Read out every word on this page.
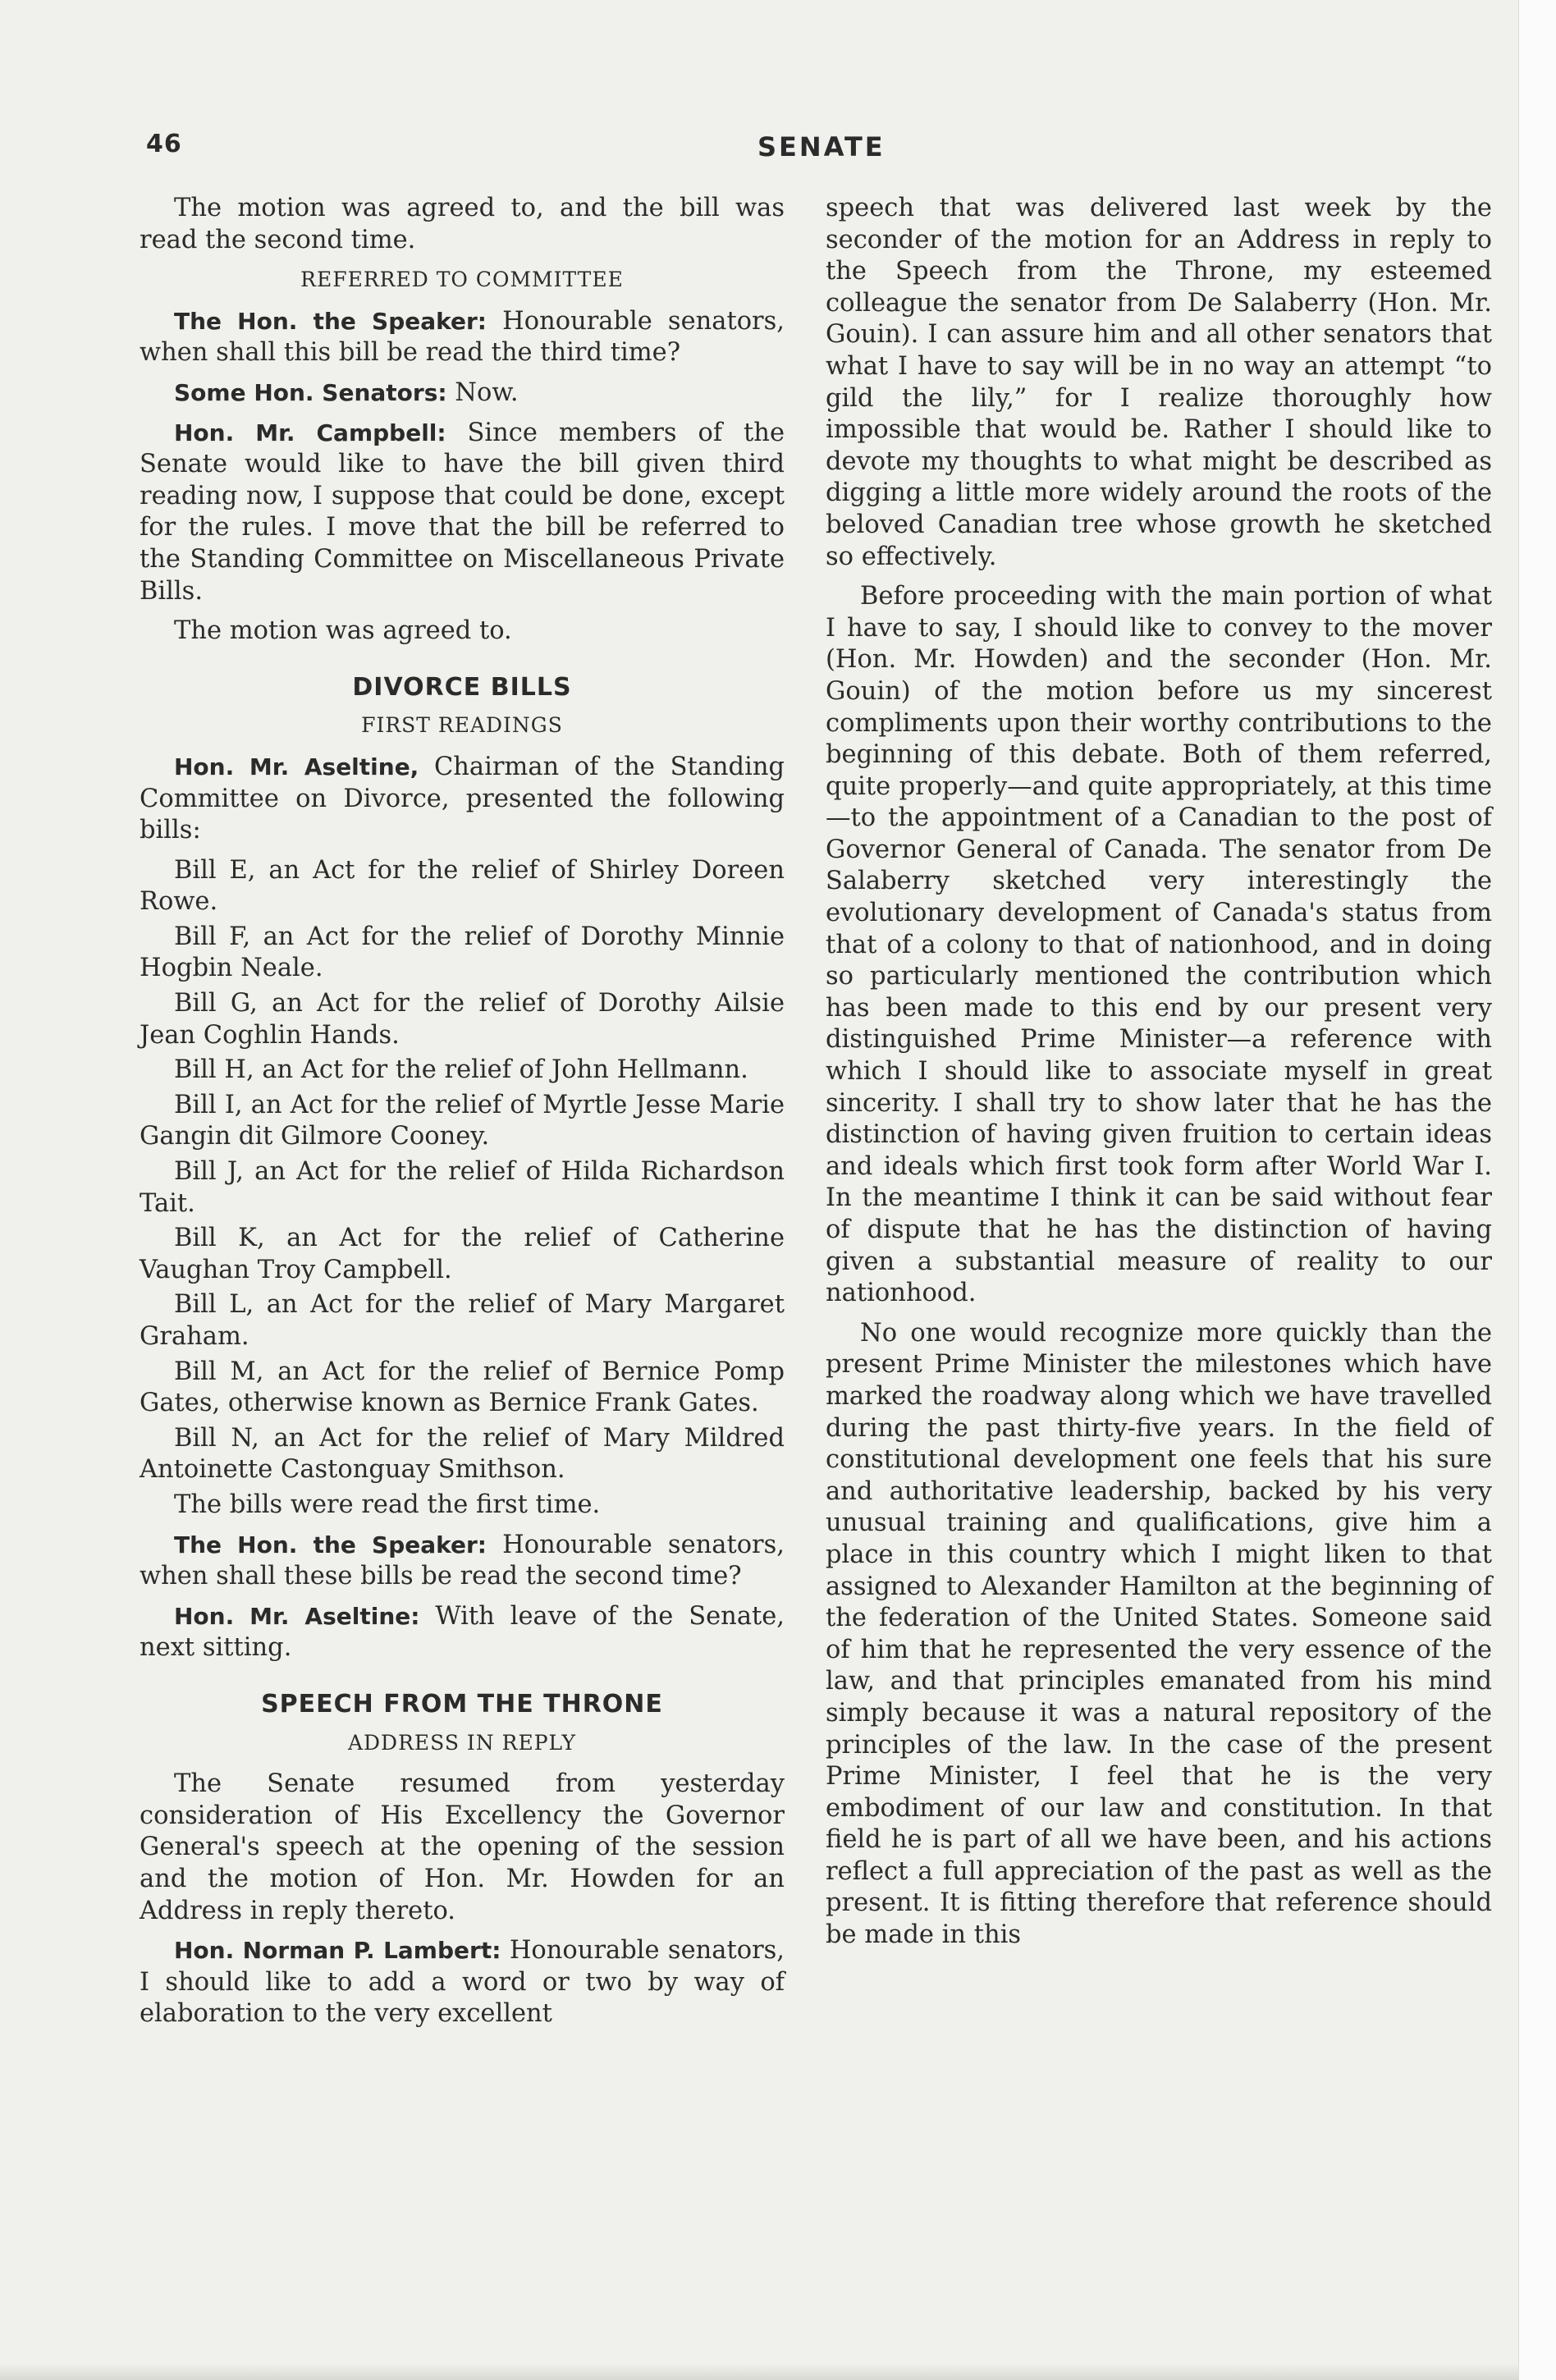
46	SENATE

The motion was agreed to, and the bill was read the second time.

REFERRED TO COMMITTEE

The Hon. the Speaker: Honourable senators, when shall this bill be read the third time?

Some Hon. Senators: Now.

Hon. Mr. Campbell: Since members of the Senate would like to have the bill given third reading now, I suppose that could be done, except for the rules. I move that the bill be referred to the Standing Committee on Miscellaneous Private Bills.

The motion was agreed to.

DIVORCE BILLS
FIRST READINGS

Hon. Mr. Aseltine, Chairman of the Standing Committee on Divorce, presented the following bills:

Bill E, an Act for the relief of Shirley Doreen Rowe.

Bill F, an Act for the relief of Dorothy Minnie Hogbin Neale.

Bill G, an Act for the relief of Dorothy Ailsie Jean Coghlin Hands.

Bill H, an Act for the relief of John Hellmann.

Bill I, an Act for the relief of Myrtle Jesse Marie Gangin dit Gilmore Cooney.

Bill J, an Act for the relief of Hilda Richardson Tait.

Bill K, an Act for the relief of Catherine Vaughan Troy Campbell.

Bill L, an Act for the relief of Mary Margaret Graham.

Bill M, an Act for the relief of Bernice Pomp Gates, otherwise known as Bernice Frank Gates.

Bill N, an Act for the relief of Mary Mildred Antoinette Castonguay Smithson.

The bills were read the first time.

The Hon. the Speaker: Honourable senators, when shall these bills be read the second time?

Hon. Mr. Aseltine: With leave of the Senate, next sitting.

SPEECH FROM THE THRONE
ADDRESS IN REPLY

The Senate resumed from yesterday consideration of His Excellency the Governor General's speech at the opening of the session and the motion of Hon. Mr. Howden for an Address in reply thereto.

Hon. Norman P. Lambert: Honourable senators, I should like to add a word or two by way of elaboration to the very excellent

speech that was delivered last week by the seconder of the motion for an Address in reply to the Speech from the Throne, my esteemed colleague the senator from De Salaberry (Hon. Mr. Gouin). I can assure him and all other senators that what I have to say will be in no way an attempt “to gild the lily,” for I realize thoroughly how impossible that would be. Rather I should like to devote my thoughts to what might be described as digging a little more widely around the roots of the beloved Canadian tree whose growth he sketched so effectively.

Before proceeding with the main portion of what I have to say, I should like to convey to the mover (Hon. Mr. Howden) and the seconder (Hon. Mr. Gouin) of the motion before us my sincerest compliments upon their worthy contributions to the beginning of this debate. Both of them referred, quite properly—and quite appropriately, at this time—to the appointment of a Canadian to the post of Governor General of Canada. The senator from De Salaberry sketched very interestingly the evolutionary development of Canada's status from that of a colony to that of nationhood, and in doing so particularly mentioned the contribution which has been made to this end by our present very distinguished Prime Minister—a reference with which I should like to associate myself in great sincerity. I shall try to show later that he has the distinction of having given fruition to certain ideas and ideals which first took form after World War I. In the meantime I think it can be said without fear of dispute that he has the distinction of having given a substantial measure of reality to our nationhood.

No one would recognize more quickly than the present Prime Minister the milestones which have marked the roadway along which we have travelled during the past thirty-five years. In the field of constitutional development one feels that his sure and authoritative leadership, backed by his very unusual training and qualifications, give him a place in this country which I might liken to that assigned to Alexander Hamilton at the beginning of the federation of the United States. Someone said of him that he represented the very essence of the law, and that principles emanated from his mind simply because it was a natural repository of the principles of the law. In the case of the present Prime Minister, I feel that he is the very embodiment of our law and constitution. In that field he is part of all we have been, and his actions reflect a full appreciation of the past as well as the present. It is fitting therefore that reference should be made in this
